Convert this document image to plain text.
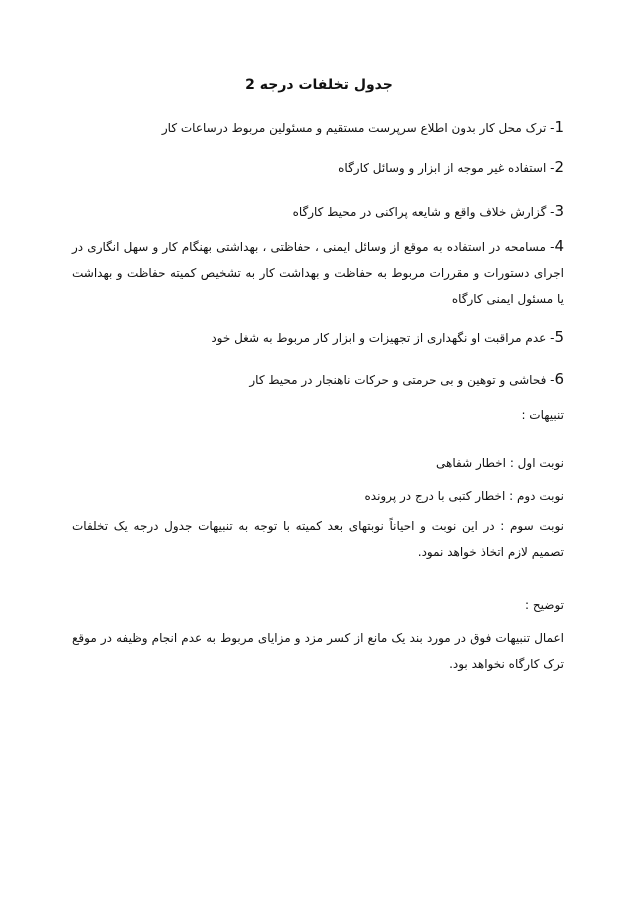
جدول تخلفات درجه 2
1- ترک محل کار بدون اطلاع سرپرست مستقیم و مسئولین مربوط درساعات کار
2- استفاده غیر موجه از ابزار و وسائل کارگاه
3- گزارش خلاف واقع و شایعه پراکنی در محیط کارگاه
4- مسامحه در استفاده به موقع از وسائل ایمنی ، حفاظتی ، بهداشتی بهنگام کار و سهل انگاری در اجرای دستورات و مقررات مربوط به حفاظت و بهداشت کار به تشخیص کمیته حفاظت و بهداشت یا مسئول ایمنی کارگاه
5- عدم مراقبت او نگهداری از تجهیزات و ابزار کار مربوط به شغل خود
6- فحاشی و توهین و بی حرمتی و حرکات ناهنجار در محیط کار
تنبیهات :
نوبت اول : اخطار شفاهی
نوبت دوم : اخطار کتبی با درج در پرونده
نوبت سوم : در این نوبت و احیاناً نوبتهای بعد کمیته با توجه به تنبیهات جدول درجه یک تخلفات تصمیم لازم اتخاذ خواهد نمود.
توضیح :
اعمال تنبیهات فوق در مورد بند یک مانع از کسر مزد و مزایای مربوط به عدم انجام وظیفه در موقع ترک کارگاه نخواهد بود.
